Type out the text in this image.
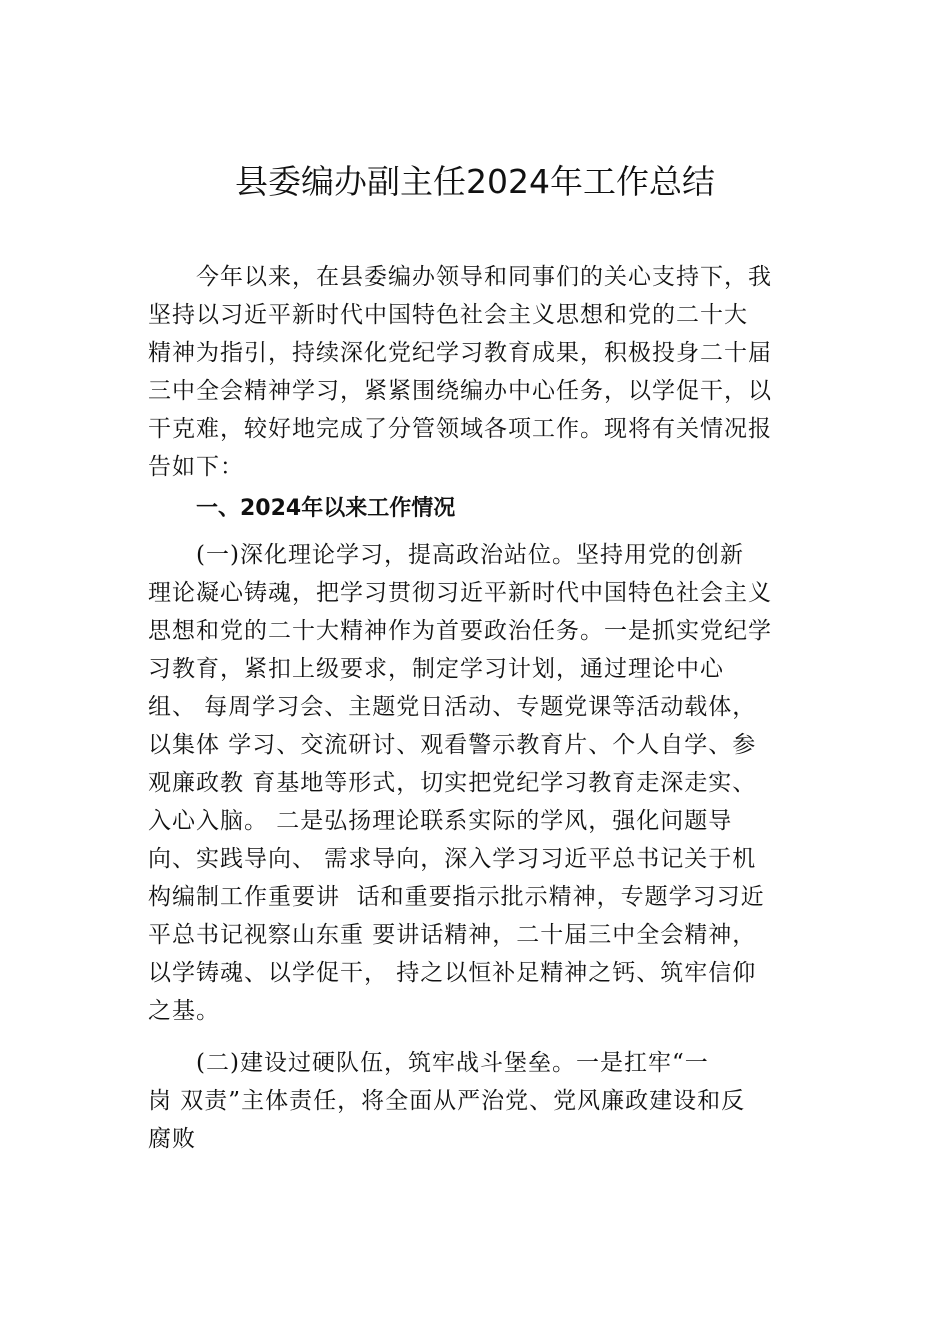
县委编办副主任2024年工作总结

　　今年以来，在县委编办领导和同事们的关心支持下，我

坚持以习近平新时代中国特色社会主义思想和党的二十大

精神为指引，持续深化党纪学习教育成果，积极投身二十届

三中全会精神学习，紧紧围绕编办中心任务，以学促干，以

干克难，较好地完成了分管领域各项工作。现将有关情况报

告如下：

一、2024年以来工作情况

　　(一)深化理论学习，提高政治站位。坚持用党的创新

理论凝心铸魂，把学习贯彻习近平新时代中国特色社会主义

思想和党的二十大精神作为首要政治任务。一是抓实党纪学

习教育，紧扣上级要求，制定学习计划，通过理论中心

组、 每周学习会、主题党日活动、专题党课等活动载体，

以集体 学习、交流研讨、观看警示教育片、个人自学、参

观廉政教 育基地等形式，切实把党纪学习教育走深走实、

入心入脑。 二是弘扬理论联系实际的学风，强化问题导

向、实践导向、 需求导向，深入学习习近平总书记关于机

构编制工作重要讲  话和重要指示批示精神，专题学习习近

平总书记视察山东重 要讲话精神，二十届三中全会精神，

以学铸魂、以学促干， 持之以恒补足精神之钙、筑牢信仰

之基。

　　(二)建设过硬队伍，筑牢战斗堡垒。一是扛牢“一

岗 双责”主体责任，将全面从严治党、党风廉政建设和反

腐败
